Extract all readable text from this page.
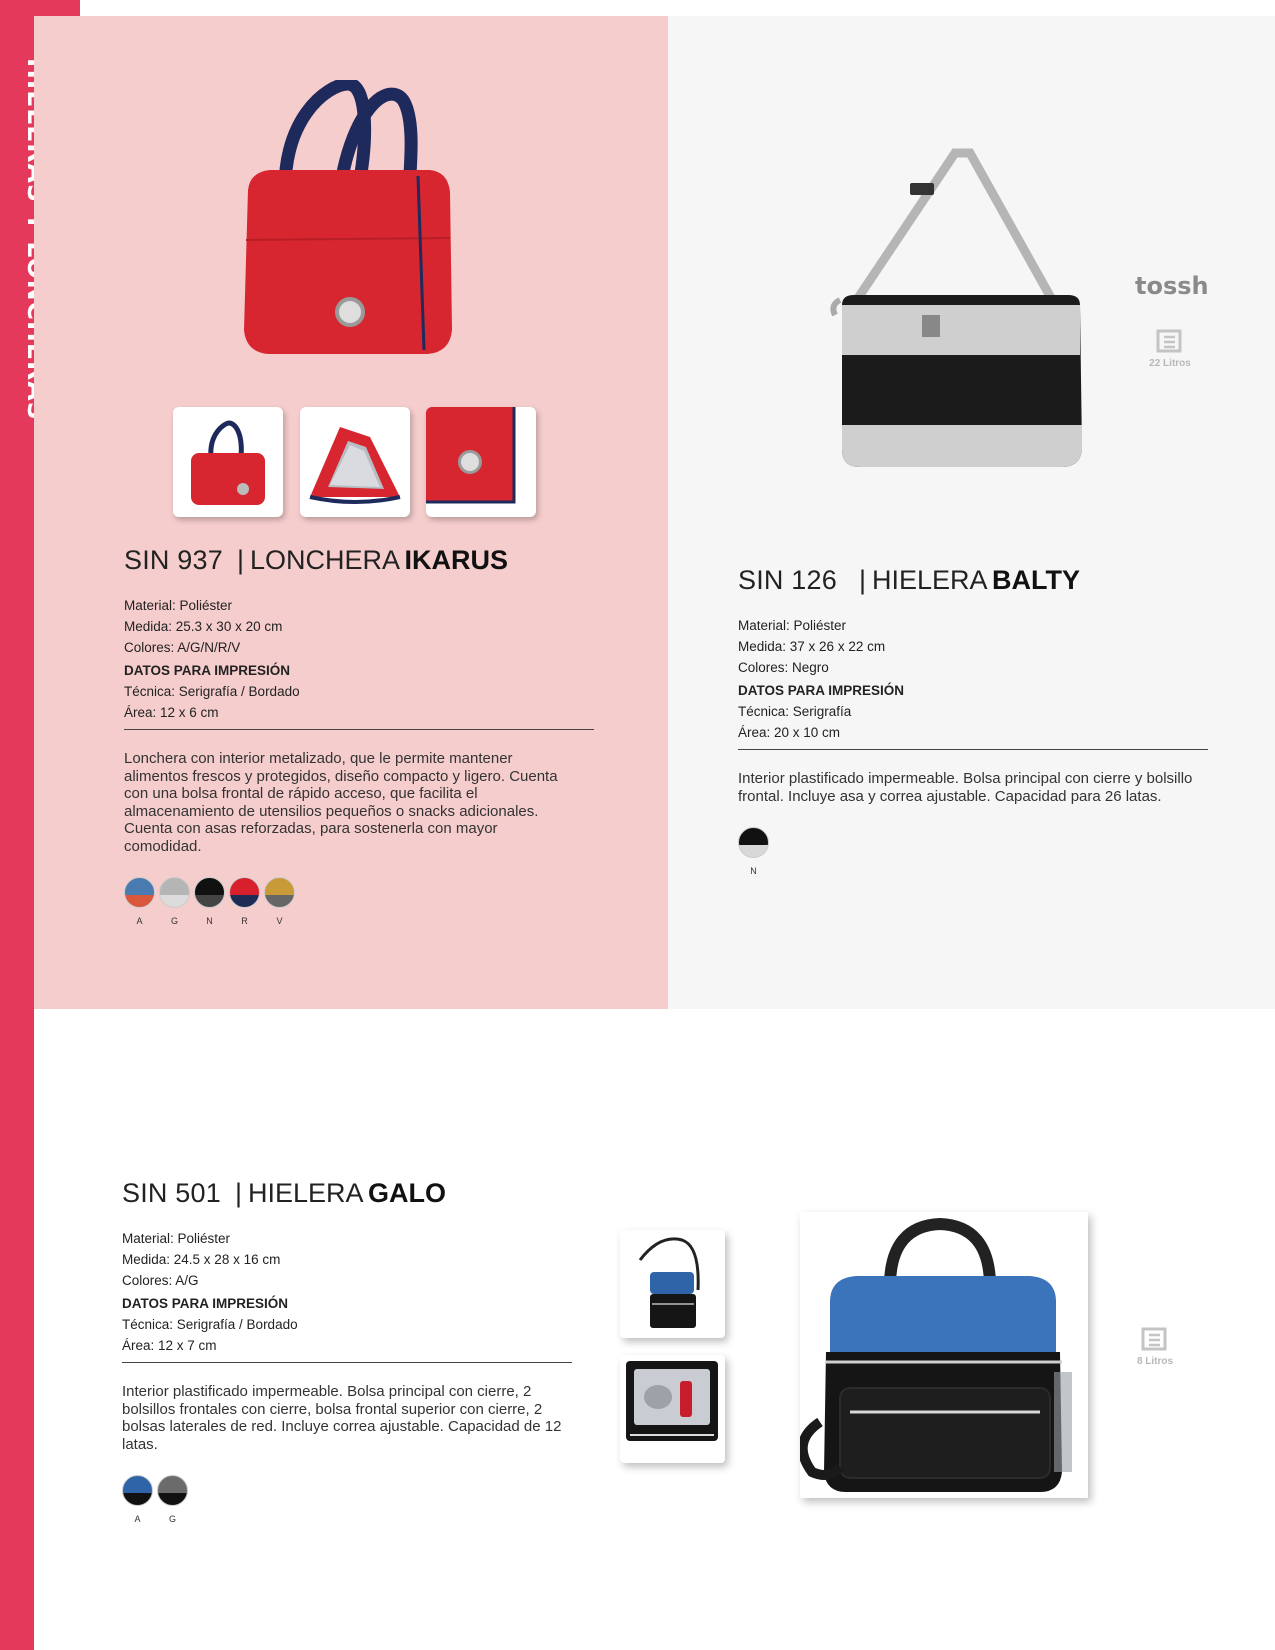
SIN 937 | LONCHERA IKARUS
Material: Poliéster
Medida: 25.3 x 30 x 20 cm
Colores: A/G/N/R/V
DATOS PARA IMPRESIÓN
Técnica: Serigrafía / Bordado
Área: 12 x 6 cm
Lonchera con interior metalizado, que le permite mantener alimentos frescos y protegidos, diseño compacto y ligero. Cuenta con una bolsa frontal de rápido acceso, que facilita el almacenamiento de utensilios pequeños o snacks adicionales. Cuenta con asas reforzadas, para sostenerla con mayor comodidad.
A	G	N	R	V
tossh
22 Litros
SIN 126 | HIELERA BALTY
Material: Poliéster
Medida: 37 x 26 x 22 cm
Colores: Negro
DATOS PARA IMPRESIÓN
Técnica: Serigrafía
Área: 20 x 10 cm
Interior plastificado impermeable. Bolsa principal con cierre y bolsillo frontal. Incluye asa y correa ajustable. Capacidad para 26 latas.
N
SIN 501 | HIELERA GALO
Material: Poliéster
Medida: 24.5 x 28 x 16 cm
Colores: A/G
DATOS PARA IMPRESIÓN
Técnica: Serigrafía / Bordado
Área: 12 x 7 cm
Interior plastificado impermeable. Bolsa principal con cierre, 2 bolsillos frontales con cierre, bolsa frontal superior con cierre, 2 bolsas laterales de red. Incluye correa ajustable. Capacidad de 12 latas.
A	G
8 Litros
